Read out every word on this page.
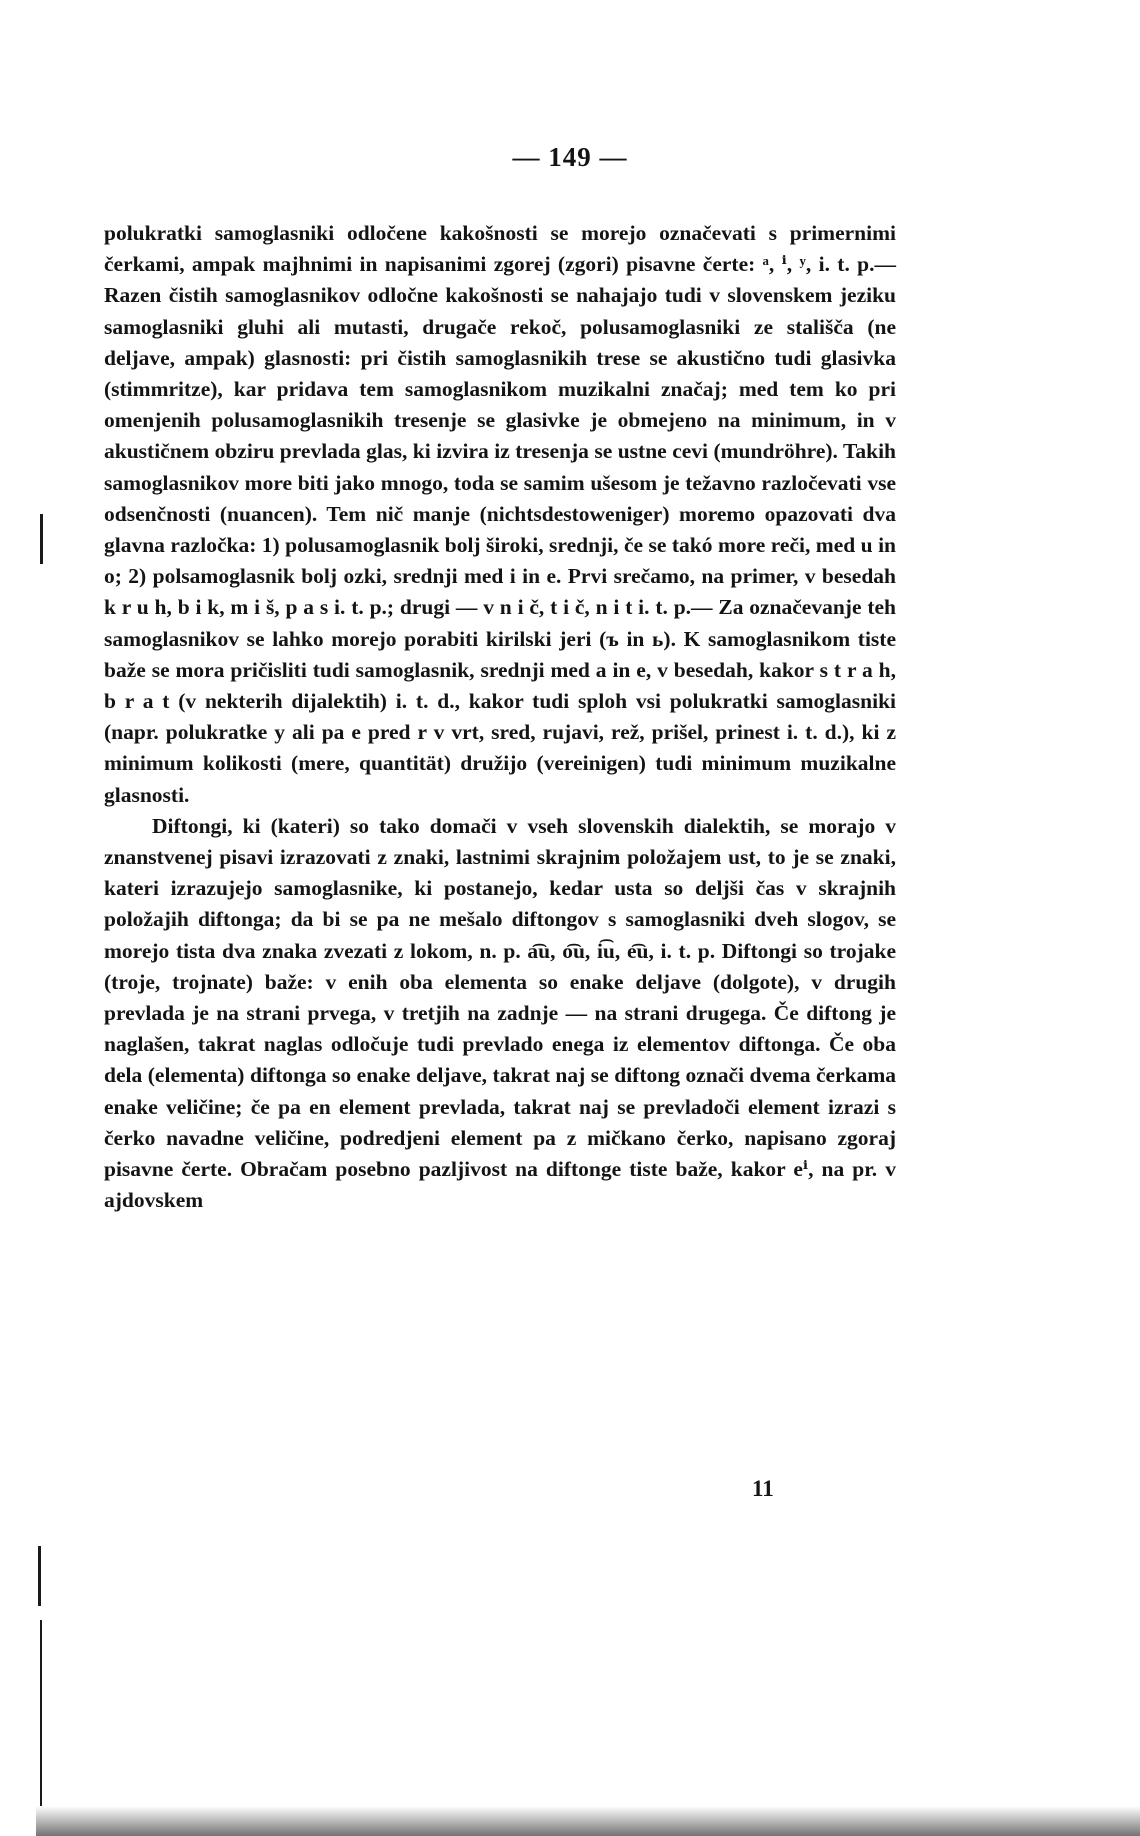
— 149 —

polukratki samoglasniki odločene kakošnosti se morejo označevati s primernimi čerkami, ampak majhnimi in napisanimi zgorej (zgori) pisavne čerte: ᵃ, ⁱ, ʸ, i. t. p.— Razen čistih samoglasnikov odločne kakošnosti se nahajajo tudi v slovenskem jeziku samoglasniki gluhi ali mutasti, drugače rekoč, polusamoglasniki ze stališča (ne deljave, ampak) glasnosti: pri čistih samoglasnikih trese se akustično tudi glasivka (stimmritze), kar pridava tem samoglasnikom muzikalni značaj; med tem ko pri omenjenih polusamoglasnikih tresenje se glasivke je obmejeno na minimum, in v akustičnem obziru prevlada glas, ki izvira iz tresenja se ustne cevi (mundröhre). Takih samoglasnikov more biti jako mnogo, toda se samim ušesom je težavno razločevati vse odsenčnosti (nuancen). Tem nič manje (nichtsdestoweniger) moremo opazovati dva glavna razločka: 1) polusamoglasnik bolj široki, srednji, če se takó more reči, med u in o; 2) polsamoglasnik bolj ozki, srednji med i in e. Prvi srečamo, na primer, v besedah k r u h, b i k, m i š, p a s i. t. p.; drugi — v n i č, t i č, n i t i. t. p.— Za označevanje teh samoglasnikov se lahko morejo porabiti kirilski jeri (ъ in ь). K samoglasnikom tiste baže se mora pričisliti tudi samoglasnik, srednji med a in e, v besedah, kakor s t r a h, b r a t (v nekterih dijalektih) i. t. d., kakor tudi sploh vsi polukratki samoglasniki (napr. polukratke y ali pa e pred r v vrt, sred, rujavi, rež, prišel, prinest i. t. d.), ki z minimum kolikosti (mere, quantität) družijo (vereinigen) tudi minimum muzikalne glasnosti.

Diftongi, ki (kateri) so tako domači v vseh slovenskih dialektih, se morajo v znanstvenej pisavi izrazovati z znaki, lastnimi skrajnim položajem ust, to je se znaki, kateri izrazujejo samoglasnike, ki postanejo, kedar usta so deljši čas v skrajnih položajih diftonga; da bi se pa ne mešalo diftongov s samoglasniki dveh slogov, se morejo tista dva znaka zvezati z lokom, n. p. a͡u, o͡u, i͡u, e͡u, i. t. p. Diftongi so trojake (troje, trojnate) baže: v enih oba elementa so enake deljave (dolgote), v drugih prevlada je na strani prvega, v tretjih na zadnje — na strani drugega. Če diftong je naglašen, takrat naglas odločuje tudi prevlado enega iz elementov diftonga. Če oba dela (elementa) diftonga so enake deljave, takrat naj se diftong označi dvema čerkama enake veličine; če pa en element prevlada, takrat naj se prevladoči element izrazi s čerko navadne veličine, podredjeni element pa z mičkano čerko, napisano zgoraj pisavne čerte. Obračam posebno pazljivost na diftonge tiste baže, kakor eⁱ, na pr. v ajdovskem

11
